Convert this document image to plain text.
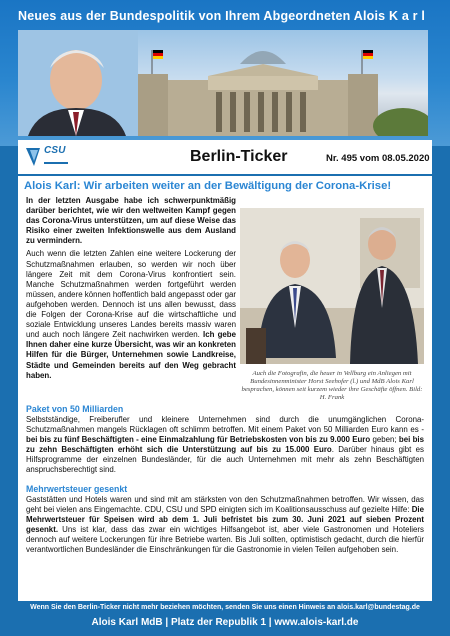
Neues aus der Bundespolitik von Ihrem Abgeordneten Alois K a r l
CSU	Berlin-Ticker	Nr. 495 vom 08.05.2020
Alois Karl: Wir arbeiten weiter an der Bewältigung der Corona-Krise!

In der letzten Ausgabe habe ich schwerpunktmäßig darüber berichtet, wie wir den weltweiten Kampf gegen das Corona-Virus unterstützen, um auf diese Weise das Risiko einer zweiten Infektionswelle aus dem Ausland zu vermindern.

Auch wenn die letzten Zahlen eine weitere Lockerung der Schutzmaßnahmen erlauben, so werden wir noch über längere Zeit mit dem Corona-Virus konfrontiert sein. Manche Schutzmaßnahmen werden fortgeführt werden müssen, andere können hoffentlich bald angepasst oder gar aufgehoben werden. Dennoch ist uns allen bewusst, dass die Folgen der Corona-Krise auf die wirtschaftliche und soziale Entwicklung unseres Landes bereits massiv waren und auch noch längere Zeit nachwirken werden. Ich gebe Ihnen daher eine kurze Übersicht, was wir an konkreten Hilfen für die Bürger, Unternehmen sowie Landkreise, Städte und Gemeinden bereits auf den Weg gebracht haben.	Auch die Fotografin, die heuer in Vellburg ein Anliegen mit Bundesinnenminister Horst Seehofer (l.) und MdB Alois Karl besprachen, können seit kurzem wieder ihre Geschäfte öffnen. Bild: H. Frank
Paket von 50 Milliarden

Selbstständige, Freiberufler und kleinere Unternehmen sind durch die unumgänglichen Corona-Schutzmaßnahmen mangels Rücklagen oft schlimm betroffen. Mit einem Paket von 50 Milliarden Euro kann es - bei bis zu fünf Beschäftigten - eine Einmalzahlung für Betriebskosten von bis zu 9.000 Euro geben; bei bis zu zehn Beschäftigten erhöht sich die Unterstützung auf bis zu 15.000 Euro. Darüber hinaus gibt es Hilfsprogramme der einzelnen Bundesländer, für die auch Unternehmen mit mehr als zehn Beschäftigten anspruchsberechtigt sind.

Mehrwertsteuer gesenkt

Gaststätten und Hotels waren und sind mit am stärksten von den Schutzmaßnahmen betroffen. Wir wissen, das geht bei vielen ans Eingemachte. CDU, CSU und SPD einigten sich im Koalitionsausschuss auf gezielte Hilfe: Die Mehrwertsteuer für Speisen wird ab dem 1. Juli befristet bis zum 30. Juni 2021 auf sieben Prozent gesenkt. Uns ist klar, dass das zwar ein wichtiges Hilfsangebot ist, aber viele Gastronomen und Hoteliers dennoch auf weitere Lockerungen für ihre Betriebe warten. Bis Juli sollten, optimistisch gedacht, durch die hierfür verantwortlichen Bundesländer die Einschränkungen für die Gastronomie in vielen Teilen aufgehoben sein.

Wenn Sie den Berlin-Ticker nicht mehr beziehen möchten, senden Sie uns einen Hinweis an alois.karl@bundestag.de
Alois Karl MdB | Platz der Republik 1 | www.alois-karl.de
